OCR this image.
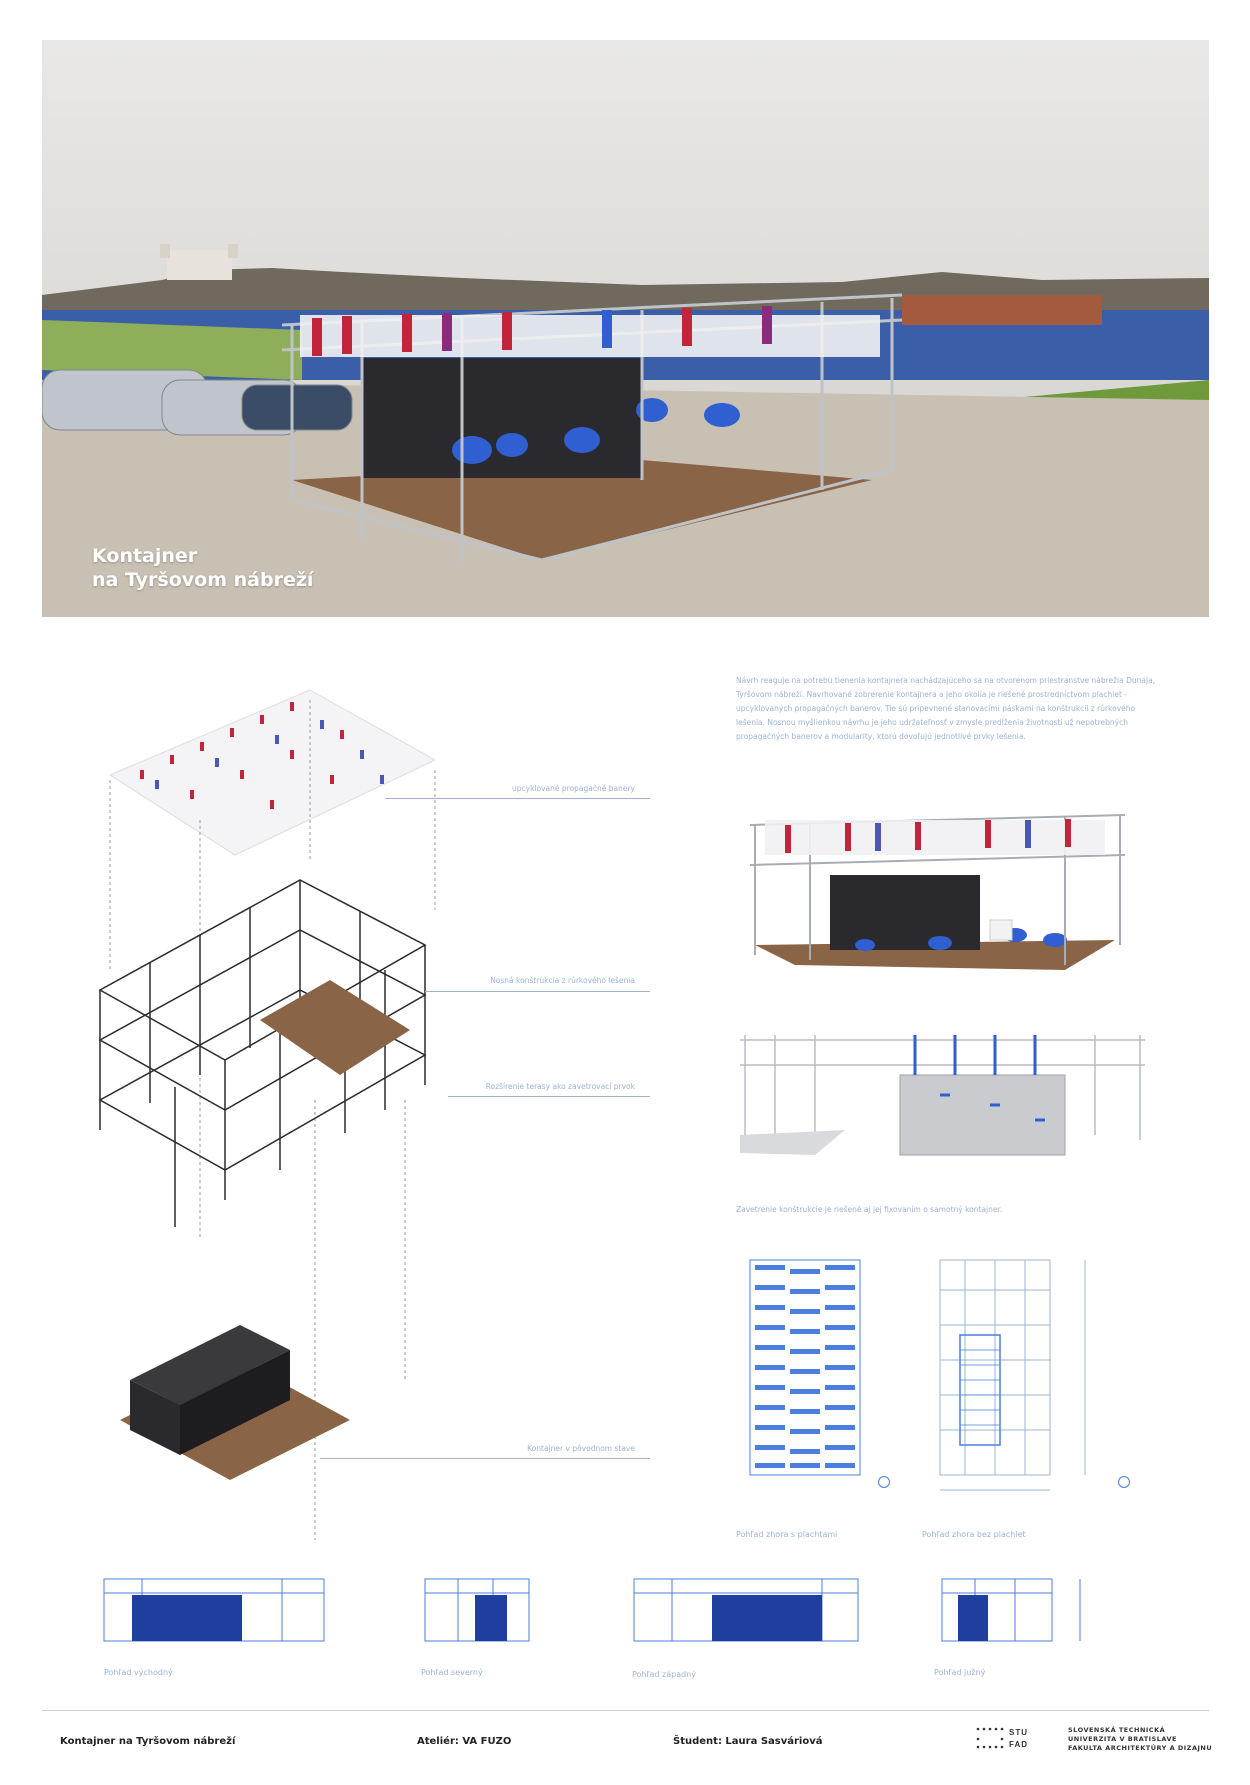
Kontajner
na Tyršovom nábreží
Návrh reaguje na potrebu tienenia kontajnera nachádzajúceho sa na otvorenom priestranstve nábrežia Dunaja, Tyršovom nábreží. Navrhované zobrerenie kontajnera a jeho okolia je riešené prostredníctvom plachiet - upcyklovaných propagačných banerov. Tie sú pripevnené stanovacími páskami na konštrukcii z rúrkového lešenia. Nosnou myšlienkou návrhu je jeho udržateľnosť v zmysle predĺženia životnosti už nepotrebných propagačných banerov a modularity, ktorú dovoľujú jednotlivé prvky lešenia.
upcyklované propagačné banery
Nosná konštrukcia z rúrkového lešenia
Rozšírenie terasy ako zavetrovací prvok
Kontajner v pôvodnom stave
Zavetrenie konštrukcie je riešené aj jej fixovaním o samotný kontajner.
Pohľad zhora s plachtami	Pohľad zhora bez plachiet
Pohľad východný	Pohľad severný	Pohľad západný	Pohľad južný
Kontajner na Tyršovom nábreží	Ateliér: VA FUZO	Študent: Laura Sasváriová
STU
FAD
SLOVENSKÁ TECHNICKÁ
UNIVERZITA V BRATISLAVE
FAKULTA ARCHITEKTÚRY A DIZAJNU
